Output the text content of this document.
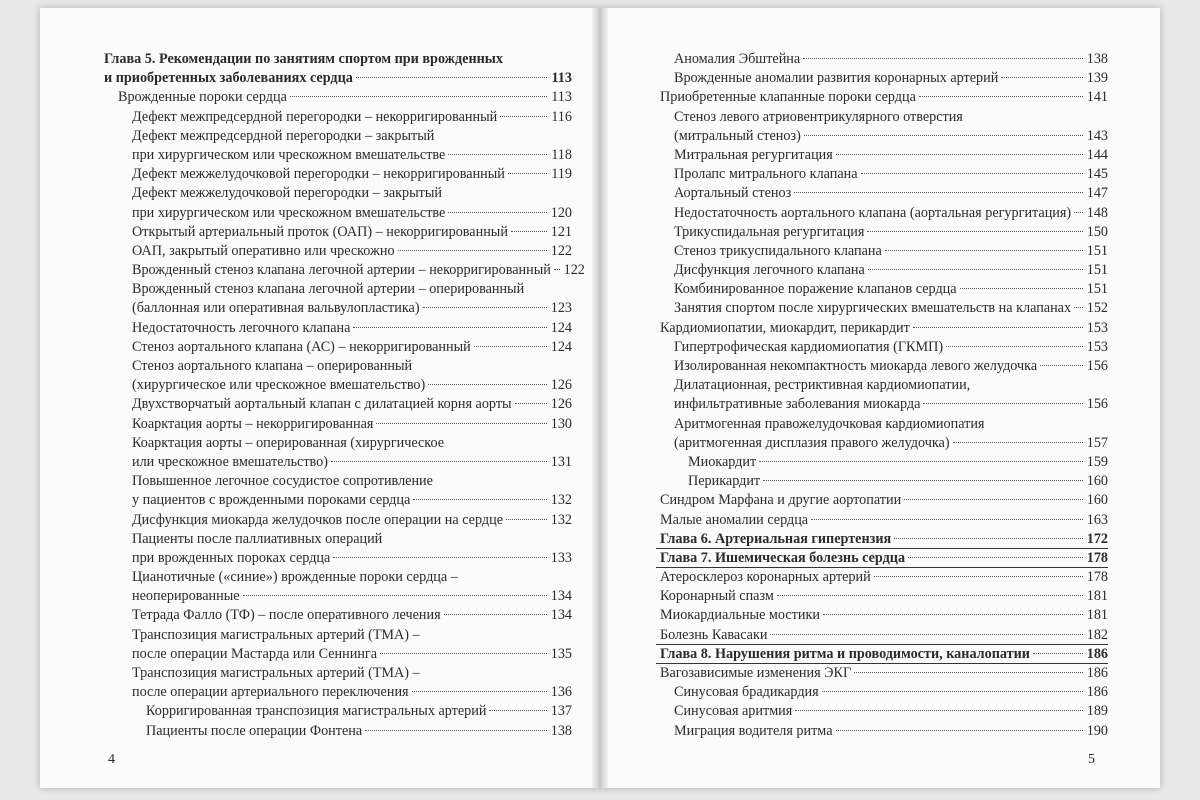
Глава 5. Рекомендации по занятиям спортом при врожденных
и приобретенных заболеваниях сердца	113
Врожденные пороки сердца	113
Дефект межпредсердной перегородки – некорригированный	116
Дефект межпредсердной перегородки – закрытый
при хирургическом или чрескожном вмешательстве	118
Дефект межжелудочковой перегородки – некорригированный	119
Дефект межжелудочковой перегородки – закрытый
при хирургическом или чрескожном вмешательстве	120
Открытый артериальный проток (ОАП) – некорригированный	121
ОАП, закрытый оперативно или чрескожно	122
Врожденный стеноз клапана легочной артерии – некорригированный 122
Врожденный стеноз клапана легочной артерии – оперированный
(баллонная или оперативная вальвулопластика)	123
Недостаточность легочного клапана	124
Стеноз аортального клапана (АС) – некорригированный	124
Стеноз аортального клапана – оперированный
(хирургическое или чрескожное вмешательство)	126
Двухстворчатый аортальный клапан с дилатацией корня аорты	126
Коарктация аорты – некорригированная	130
Коарктация аорты – оперированная (хирургическое
или чрескожное вмешательство)	131
Повышенное легочное сосудистое сопротивление
у пациентов с врожденными пороками сердца	132
Дисфункция миокарда желудочков после операции на сердце	132
Пациенты после паллиативных операций
при врожденных пороках сердца	133
Цианотичные («синие») врожденные пороки сердца –
неоперированные	134
Тетрада Фалло (ТФ) – после оперативного лечения	134
Транспозиция магистральных артерий (ТМА) –
после операции Мастарда или Сеннинга	135
Транспозиция магистральных артерий (ТМА) –
после операции артериального переключения	136
Корригированная транспозиция магистральных артерий	137
Пациенты после операции Фонтена	138
Аномалия Эбштейна	138
Врожденные аномалии развития коронарных артерий	139
Приобретенные клапанные пороки сердца	141
Стеноз левого атриовентрикулярного отверстия
(митральный стеноз)	143
Митральная регургитация	144
Пролапс митрального клапана	145
Аортальный стеноз	147
Недостаточность аортального клапана (аортальная регургитация) 148
Трикуспидальная регургитация	150
Стеноз трикуспидального клапана	151
Дисфункция легочного клапана	151
Комбинированное поражение клапанов сердца	151
Занятия спортом после хирургических вмешательств на клапанах 152
Кардиомиопатии, миокардит, перикардит	153
Гипертрофическая кардиомиопатия (ГКМП)	153
Изолированная некомпактность миокарда левого желудочка	156
Дилатационная, рестриктивная кардиомиопатии,
инфильтративные заболевания миокарда	156
Аритмогенная правожелудочковая кардиомиопатия
(аритмогенная дисплазия правого желудочка)	157
Миокардит	159
Перикардит	160
Синдром Марфана и другие аортопатии	160
Малые аномалии сердца	163
Глава 6. Артериальная гипертензия	172
Глава 7. Ишемическая болезнь сердца	178
Атеросклероз коронарных артерий	178
Коронарный спазм	181
Миокардиальные мостики	181
Болезнь Кавасаки	182
Глава 8. Нарушения ритма и проводимости, каналопатии	186
Вагозависимые изменения ЭКГ	186
Синусовая брадикардия	186
Синусовая аритмия	189
Миграция водителя ритма	190
4	5
